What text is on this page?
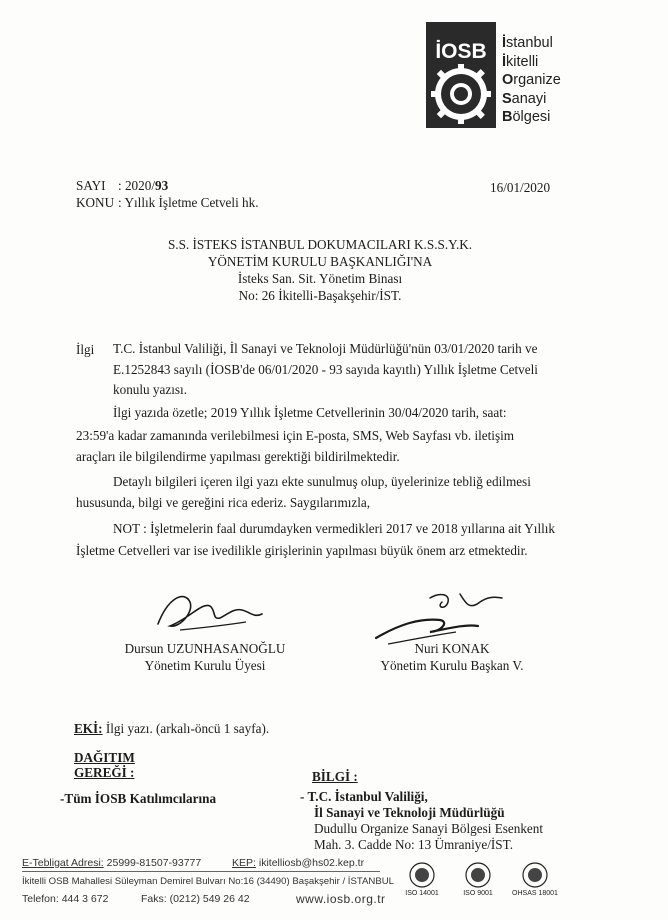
İOSB İstanbul
İkitelli
Organize
Sanayi
Bölgesi
SAYI : 2020/93
KONU : Yıllık İşletme Cetveli hk.
16/01/2020
S.S. İSTEKS İSTANBUL DOKUMACILARI K.S.S.Y.K.
YÖNETİM KURULU BAŞKANLIĞI'NA
İsteks San. Sit. Yönetim Binası
No: 26 İkitelli-Başakşehir/İST.
İlgi T.C. İstanbul Valiliği, İl Sanayi ve Teknoloji Müdürlüğü'nün 03/01/2020 tarih ve
E.1252843 sayılı (İOSB'de 06/01/2020 - 93 sayıda kayıtlı) Yıllık İşletme Cetveli
konulu yazısı.
İlgi yazıda özetle; 2019 Yıllık İşletme Cetvellerinin 30/04/2020 tarih, saat:
23:59'a kadar zamanında verilebilmesi için E-posta, SMS, Web Sayfası vb. iletişim
araçları ile bilgilendirme yapılması gerektiği bildirilmektedir.
Detaylı bilgileri içeren ilgi yazı ekte sunulmuş olup, üyelerinize tebliğ edilmesi
hususunda, bilgi ve gereğini rica ederiz. Saygılarımızla,
NOT : İşletmelerin faal durumdayken vermedikleri 2017 ve 2018 yıllarına ait Yıllık
İşletme Cetvelleri var ise ivedilikle girişlerinin yapılması büyük önem arz etmektedir.
Dursun UZUNHASANOĞLU
Yönetim Kurulu Üyesi
Nuri KONAK
Yönetim Kurulu Başkan V.
EKİ: İlgi yazı. (arkalı-öncü 1 sayfa).
DAĞITIM
GEREĞİ :
-Tüm İOSB Katılımcılarına
BİLGİ :
- T.C. İstanbul Valiliği,
İl Sanayi ve Teknoloji Müdürlüğü
Dudullu Organize Sanayi Bölgesi Esenkent
Mah. 3. Cadde No: 13 Ümraniye/İST.
E-Tebligat Adresi: 25999-81507-93777	KEP: ikitelliosb@hs02.kep.tr
İkitelli OSB Mahallesi Süleyman Demirel Bulvarı No:16 (34490) Başakşehir / İSTANBUL
Telefon: 444 3 672	Faks: (0212) 549 26 42	www.iosb.org.tr	ISO 14001	ISO 9001	OHSAS 18001
